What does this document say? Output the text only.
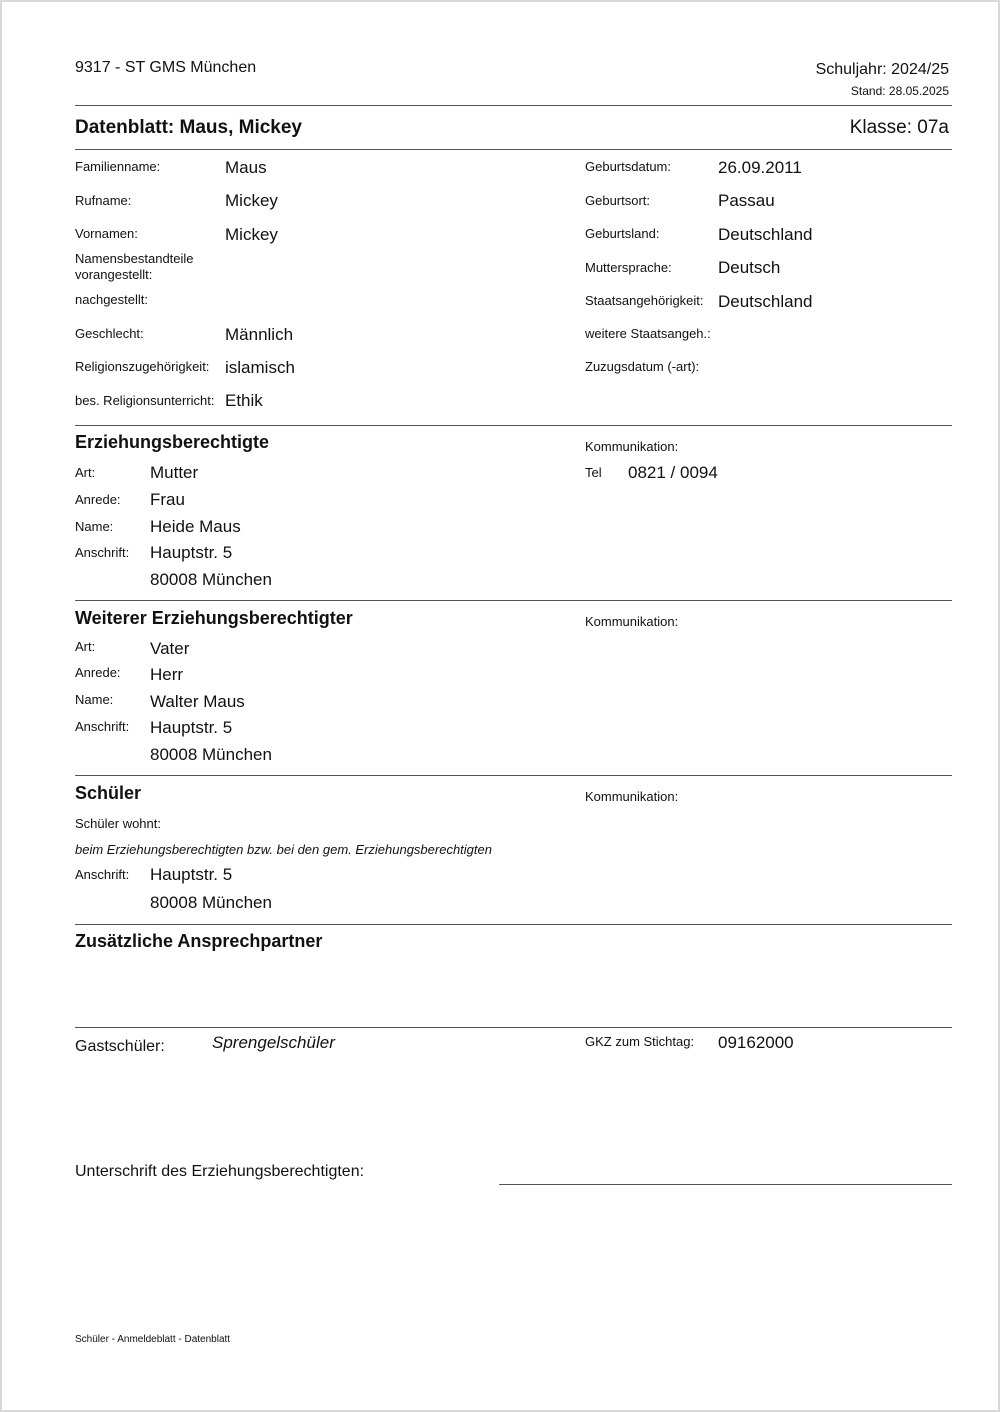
9317 - ST GMS München	Schuljahr: 2024/25
Stand: 28.05.2025
Datenblatt: Maus, Mickey	Klasse: 07a
Familienname:	Maus
Rufname:	Mickey
Vornamen:	Mickey
Namensbestandteile
vorangestellt:
nachgestellt:
Geschlecht:	Männlich
Religionszugehörigkeit: islamisch
bes. Religionsunterricht: Ethik
Geburtsdatum:	26.09.2011
Geburtsort:	Passau
Geburtsland:	Deutschland
Muttersprache:	Deutsch
Staatsangehörigkeit: Deutschland
weitere Staatsangeh.:
Zuzugsdatum (-art):
Erziehungsberechtigte	Kommunikation:
Tel 0821 / 0094
Art:	Mutter
Anrede: Frau
Name: Heide Maus
Anschrift: Hauptstr. 5
80008 München
Weiterer Erziehungsberechtigter	Kommunikation:
Art:	Vater
Anrede: Herr
Name: Walter Maus
Anschrift: Hauptstr. 5
80008 München
Schüler	Kommunikation:
Schüler wohnt:
beim Erziehungsberechtigten bzw. bei den gem. Erziehungsberechtigten
Anschrift: Hauptstr. 5
80008 München
Zusätzliche Ansprechpartner
Gastschüler:	Sprengelschüler	GKZ zum Stichtag: 09162000
Unterschrift des Erziehungsberechtigten:
Schüler - Anmeldeblatt - Datenblatt
